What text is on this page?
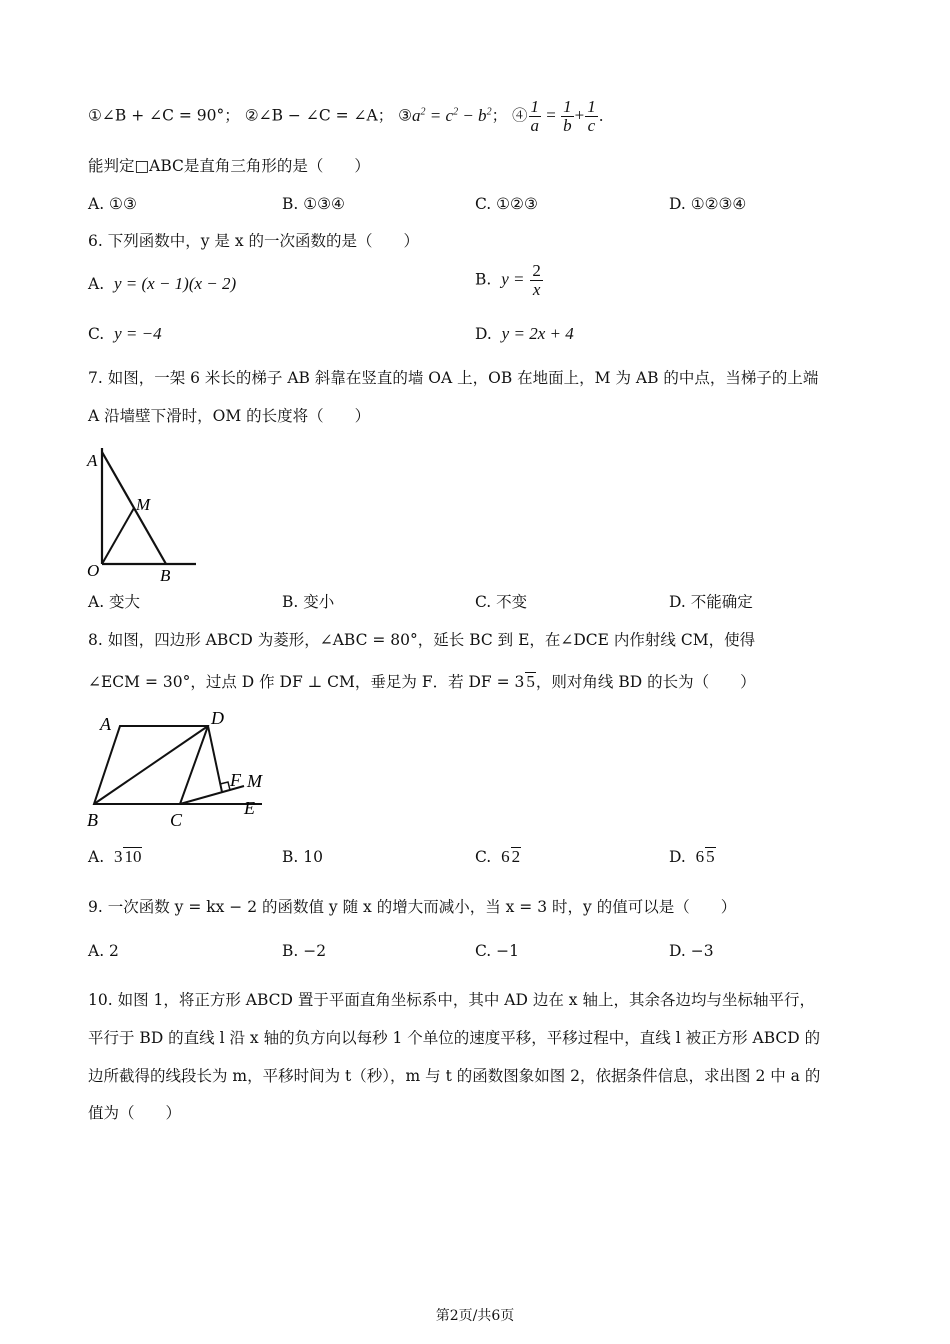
①∠B + ∠C = 90°； ②∠B − ∠C = ∠A； $③a^2 = c^2 - b^2$； ④ $\frac{1}{a} = \frac{1}{b} + \frac{1}{c}$ ．
能判定□ABC是直角三角形的是（　　）
A. ①③	B. ①③④	C. ①②③	D. ①②③④
6. 下列函数中，y 是 x 的一次函数的是（　　）
A. y = (x − 1)(x − 2)	B. $y = \frac{2}{x}$
C. y = −4	D. y = 2x + 4
7. 如图，一架 6 米长的梯子 AB 斜靠在竖直的墙 OA 上，OB 在地面上，M 为 AB 的中点，当梯子的上端
A 沿墙壁下滑时，OM 的长度将（　　）
A
M
O	B
A. 变大	B. 变小	C. 不变	D. 不能确定
8. 如图，四边形 ABCD 为菱形，∠ABC = 80°，延长 BC 到 E，在∠DCE 内作射线 CM，使得
∠ECM = 30°，过点 D 作 DF ⊥ CM，垂足为 F．若 DF = 3 5，则对角线 BD 的长为（　　）
A	D
B	C
F M
E
A. 3 10	B. 10	C. 6 2	D. 6 5
9. 一次函数 y = kx − 2 的函数值 y 随 x 的增大而减小，当 x = 3 时，y 的值可以是（　　）
A. 2	B. −2	C. −1	D. −3
10. 如图 1，将正方形 ABCD 置于平面直角坐标系中，其中 AD 边在 x 轴上，其余各边均与坐标轴平行，
平行于 BD 的直线 l 沿 x 轴的负方向以每秒 1 个单位的速度平移，平移过程中，直线 l 被正方形 ABCD 的
边所截得的线段长为 m，平移时间为 t（秒），m 与 t 的函数图象如图 2，依据条件信息，求出图 2 中 a 的
值为（　　）
第2页/共6页
